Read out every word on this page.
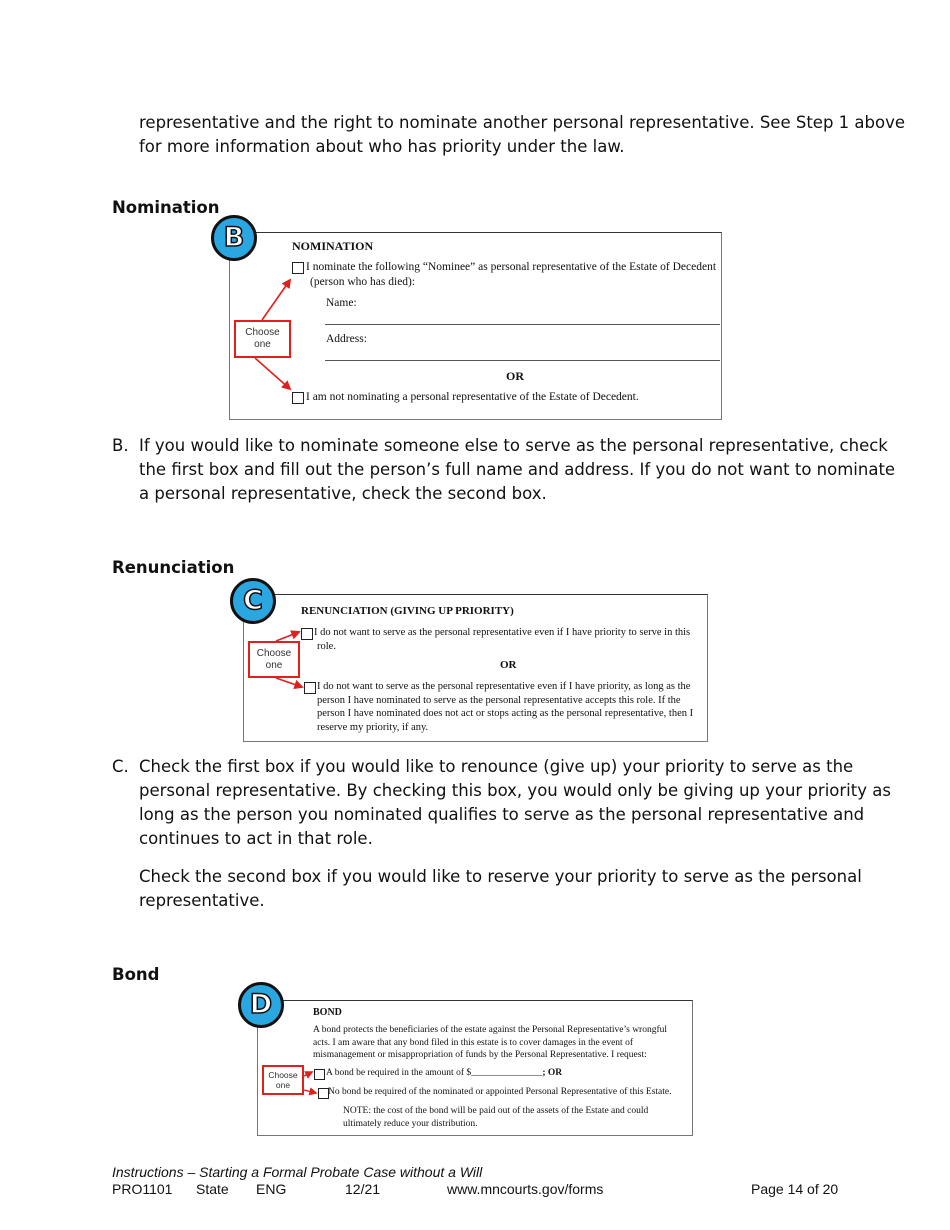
representative and the right to nominate another personal representative. See Step 1 above
for more information about who has priority under the law.
Nomination
NOMINATION
I nominate the following “Nominee” as personal representative of the Estate of Decedent
(person who has died):
Name:
Address:
OR
I am not nominating a personal representative of the Estate of Decedent.
B
Choose
one
B. If you would like to nominate someone else to serve as the personal representative, check
the first box and fill out the person’s full name and address. If you do not want to nominate
a personal representative, check the second box.
Renunciation
RENUNCIATION (GIVING UP PRIORITY)
I do not want to serve as the personal representative even if I have priority to serve in this
role.
OR
I do not want to serve as the personal representative even if I have priority, as long as the
person I have nominated to serve as the personal representative accepts this role. If the
person I have nominated does not act or stops acting as the personal representative, then I
reserve my priority, if any.
C
Choose
one
C. Check the first box if you would like to renounce (give up) your priority to serve as the
personal representative. By checking this box, you would only be giving up your priority as
long as the person you nominated qualifies to serve as the personal representative and
continues to act in that role.
Check the second box if you would like to reserve your priority to serve as the personal
representative.
Bond
BOND
A bond protects the beneficiaries of the estate against the Personal Representative’s wrongful
acts. I am aware that any bond filed in this estate is to cover damages in the event of
mismanagement or misappropriation of funds by the Personal Representative. I request:
A bond be required in the amount of $_______________; OR
No bond be required of the nominated or appointed Personal Representative of this Estate.
NOTE: the cost of the bond will be paid out of the assets of the Estate and could
ultimately reduce your distribution.
D
Choose
one
Instructions – Starting a Formal Probate Case without a Will
PRO1101 State ENG	12/21	www.mncourts.gov/forms	Page 14 of 20
